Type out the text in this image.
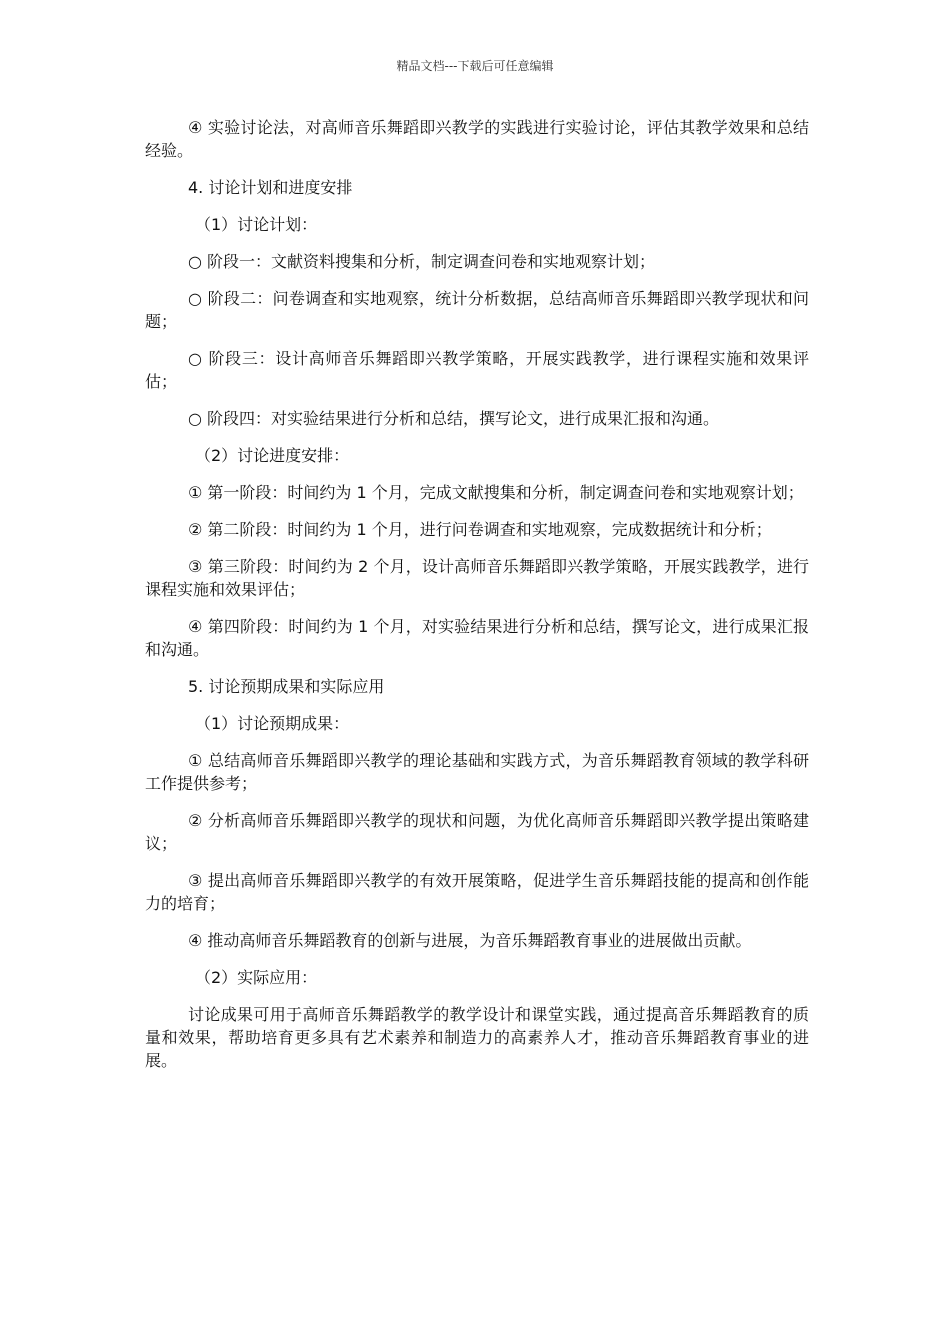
精品文档---下载后可任意编辑

④ 实验讨论法，对高师音乐舞蹈即兴教学的实践进行实验讨论，评估其教学效果和总结经验。

4. 讨论计划和进度安排

（1）讨论计划：

○ 阶段一：文献资料搜集和分析，制定调查问卷和实地观察计划；

○ 阶段二：问卷调查和实地观察，统计分析数据，总结高师音乐舞蹈即兴教学现状和问题；

○ 阶段三：设计高师音乐舞蹈即兴教学策略，开展实践教学，进行课程实施和效果评估；

○ 阶段四：对实验结果进行分析和总结，撰写论文，进行成果汇报和沟通。

（2）讨论进度安排：

① 第一阶段：时间约为 1 个月，完成文献搜集和分析，制定调查问卷和实地观察计划；

② 第二阶段：时间约为 1 个月，进行问卷调查和实地观察，完成数据统计和分析；

③ 第三阶段：时间约为 2 个月，设计高师音乐舞蹈即兴教学策略，开展实践教学，进行课程实施和效果评估；

④ 第四阶段：时间约为 1 个月，对实验结果进行分析和总结，撰写论文，进行成果汇报和沟通。

5. 讨论预期成果和实际应用

（1）讨论预期成果：

① 总结高师音乐舞蹈即兴教学的理论基础和实践方式，为音乐舞蹈教育领域的教学科研工作提供参考；

② 分析高师音乐舞蹈即兴教学的现状和问题，为优化高师音乐舞蹈即兴教学提出策略建议；

③ 提出高师音乐舞蹈即兴教学的有效开展策略，促进学生音乐舞蹈技能的提高和创作能力的培育；

④ 推动高师音乐舞蹈教育的创新与进展，为音乐舞蹈教育事业的进展做出贡献。

（2）实际应用：

讨论成果可用于高师音乐舞蹈教学的教学设计和课堂实践，通过提高音乐舞蹈教育的质量和效果，帮助培育更多具有艺术素养和制造力的高素养人才，推动音乐舞蹈教育事业的进展。
